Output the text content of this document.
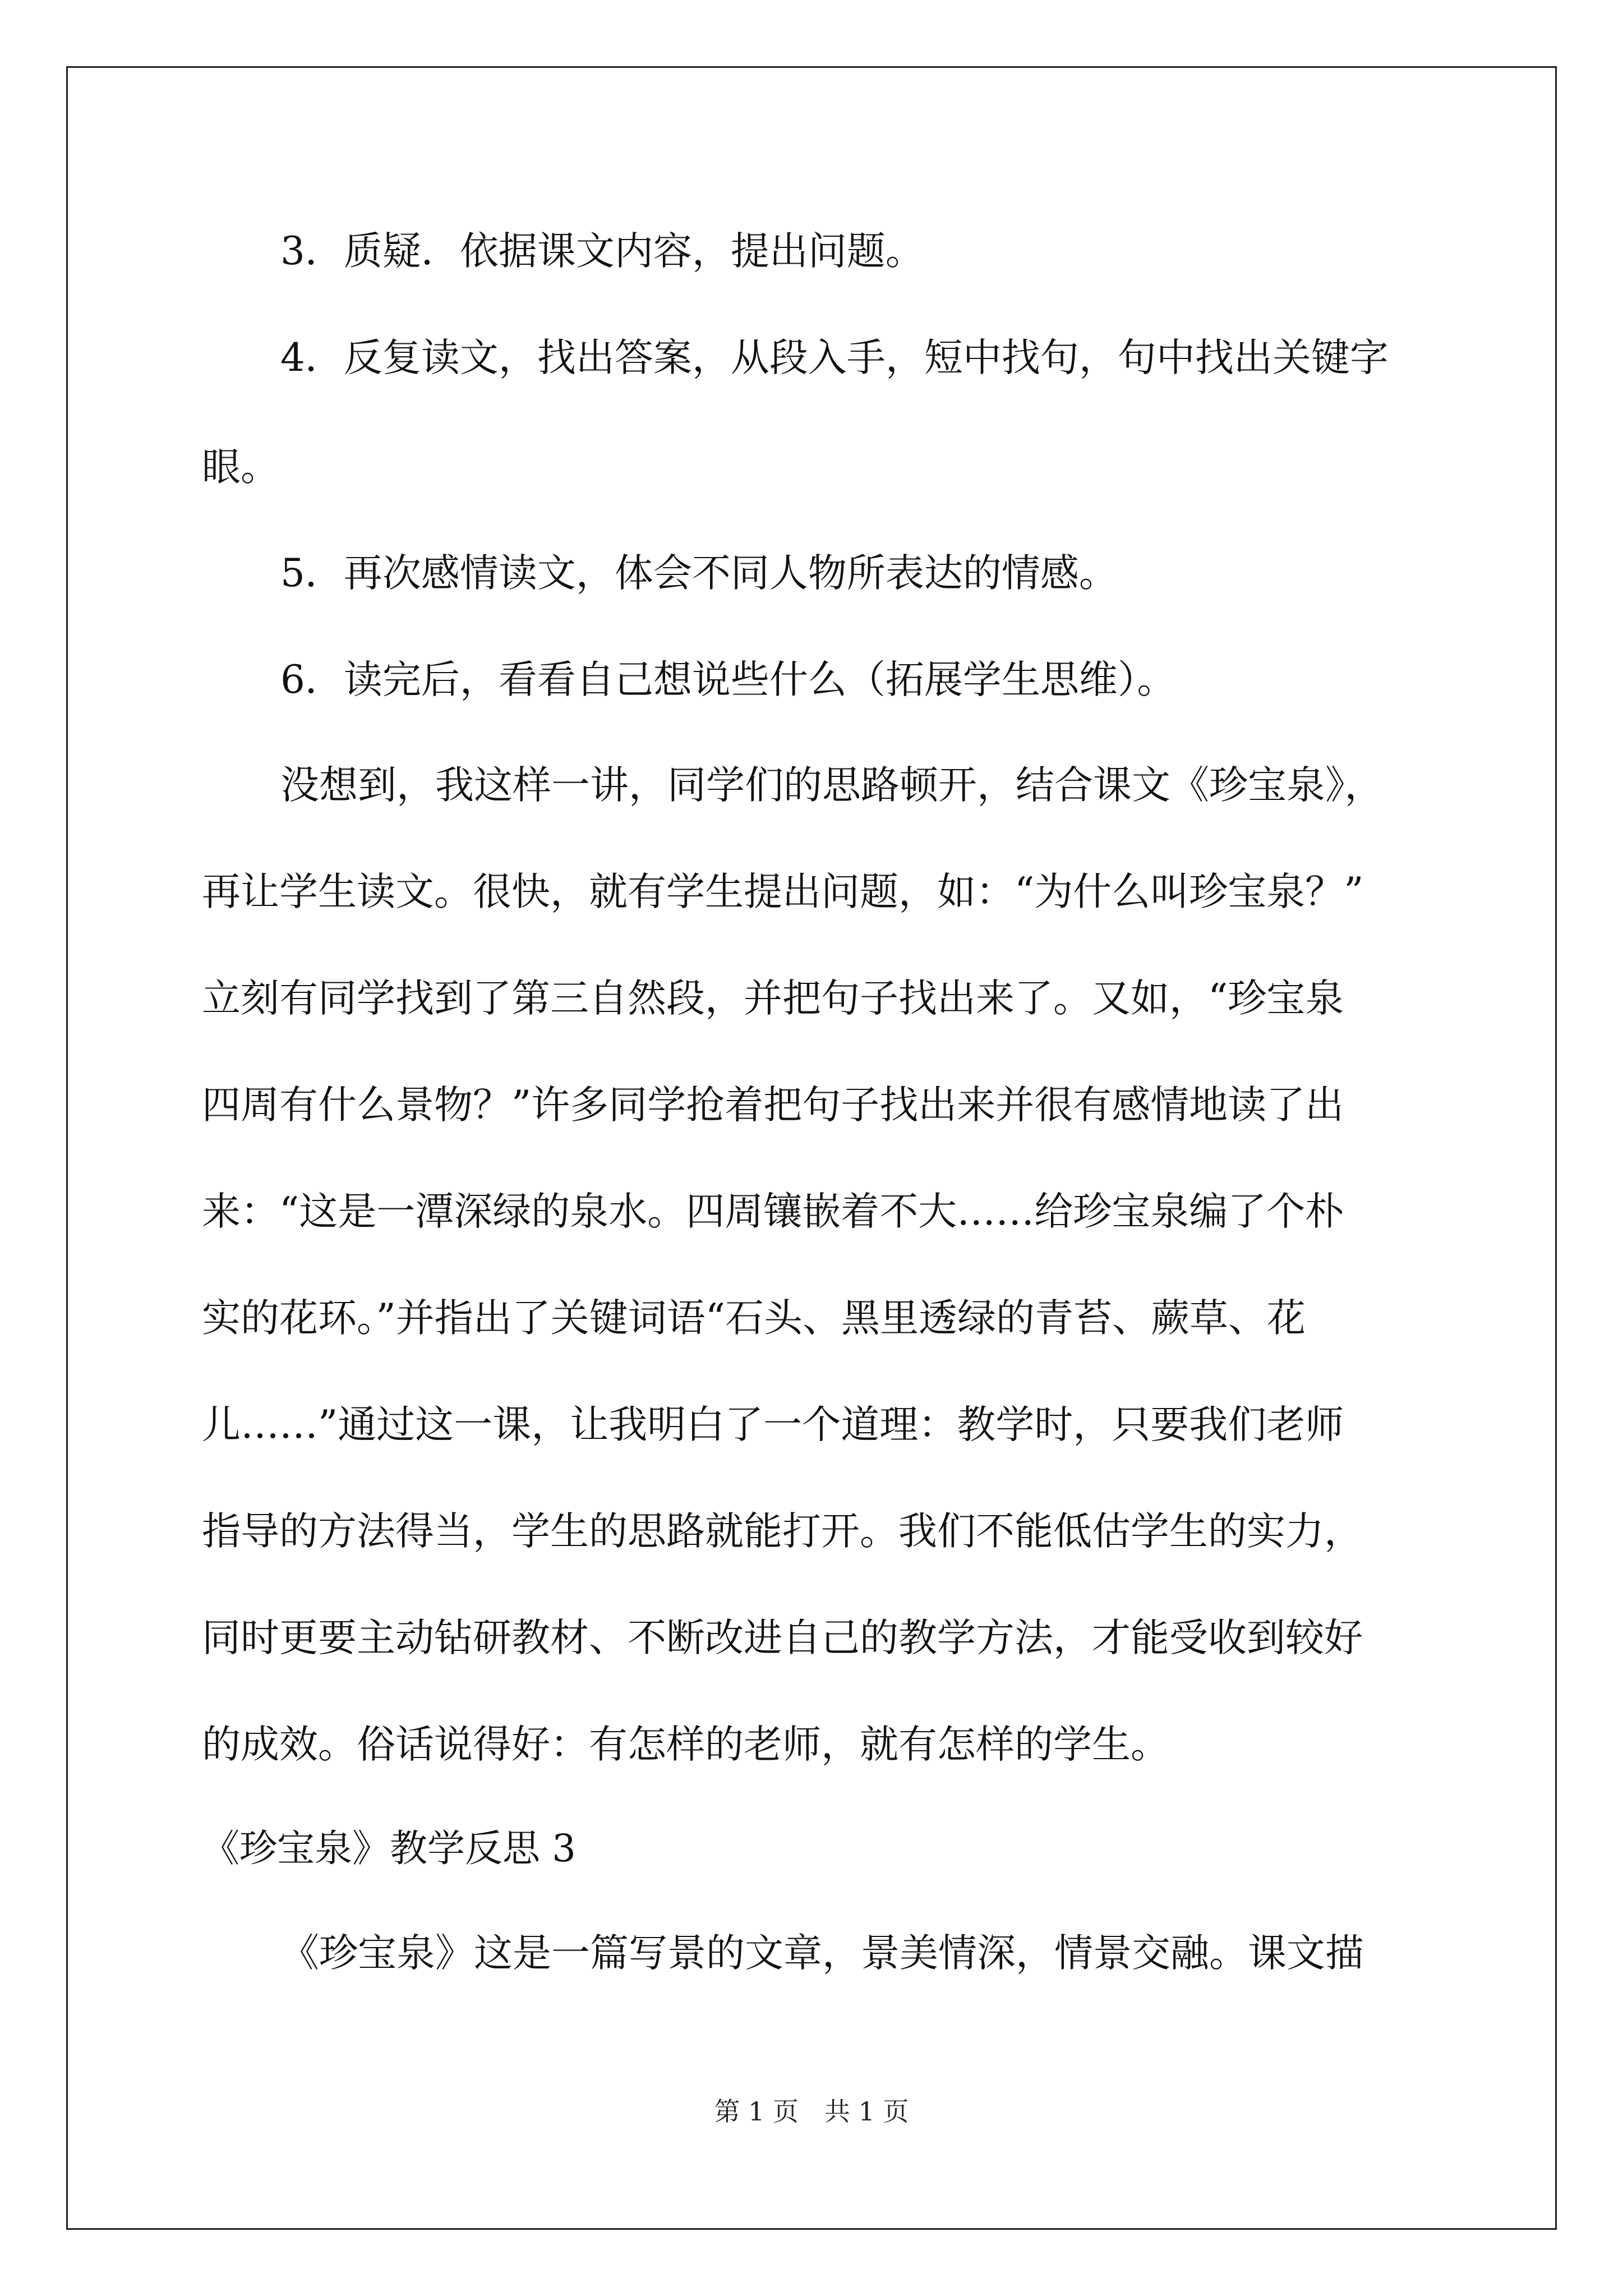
3．质疑．依据课文内容，提出问题。

4．反复读文，找出答案，从段入手，短中找句，句中找出关键字

眼。

5．再次感情读文，体会不同人物所表达的情感。

6．读完后，看看自己想说些什么（拓展学生思维）。

没想到，我这样一讲，同学们的思路顿开，结合课文《珍宝泉》，

再让学生读文。很快，就有学生提出问题，如：“为什么叫珍宝泉？”

立刻有同学找到了第三自然段，并把句子找出来了。又如，“珍宝泉

四周有什么景物？”许多同学抢着把句子找出来并很有感情地读了出

来：“这是一潭深绿的泉水。四周镶嵌着不大……给珍宝泉编了个朴

实的花环。”并指出了关键词语“石头、黑里透绿的青苔、蕨草、花

儿……”通过这一课，让我明白了一个道理：教学时，只要我们老师

指导的方法得当，学生的思路就能打开。我们不能低估学生的实力，

同时更要主动钻研教材、不断改进自己的教学方法，才能受收到较好

的成效。俗话说得好：有怎样的老师，就有怎样的学生。

《珍宝泉》教学反思 3

《珍宝泉》这是一篇写景的文章，景美情深，情景交融。课文描

第 1 页　共 1 页
